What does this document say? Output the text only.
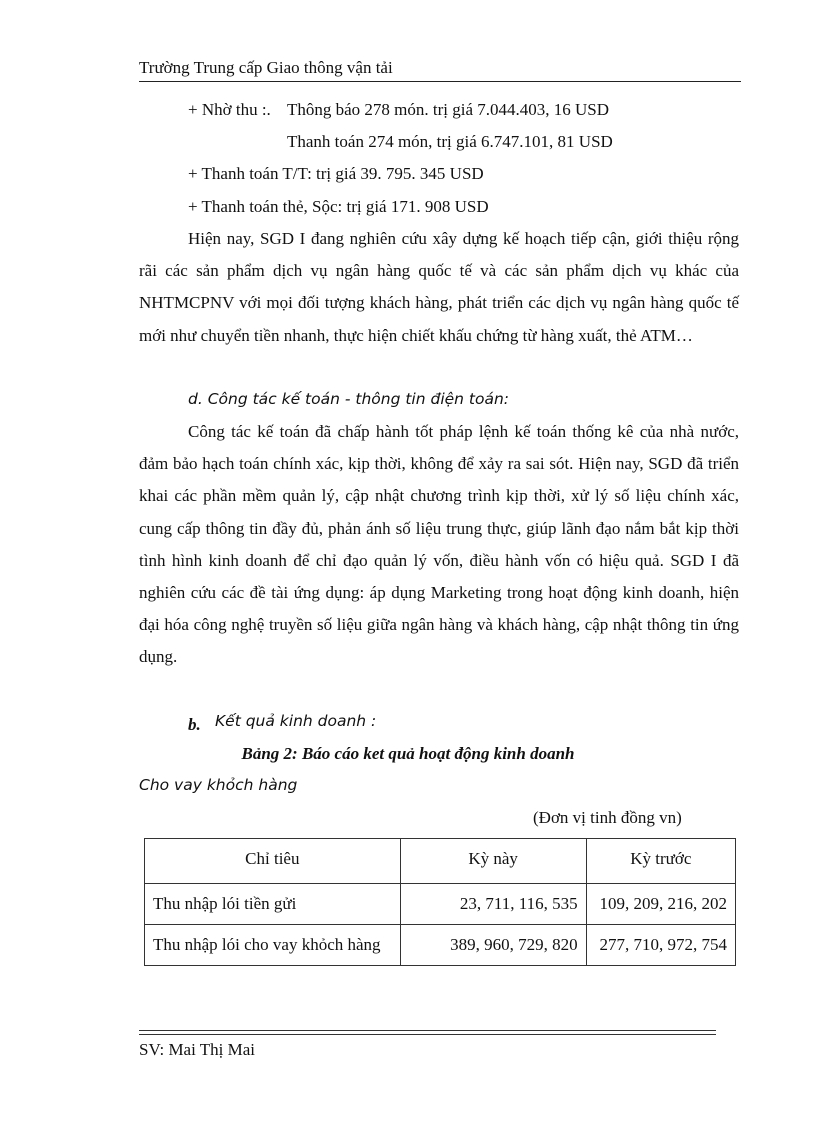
Trường Trung cấp Giao thông vận tải
+ Nhờ thu :. Thông báo 278 món. trị giá 7.044.403, 16 USD
Thanh toán 274 món, trị giá 6.747.101, 81 USD
+ Thanh toán T/T: trị giá 39. 795. 345 USD
+ Thanh toán thẻ, Sộc: trị giá 171. 908 USD
Hiện nay, SGD I đang nghiên cứu xây dựng kế hoạch tiếp cận, giới thiệu rộng rãi các sản phẩm dịch vụ ngân hàng quốc tế và các sản phẩm dịch vụ khác của NHTMCPNV với mọi đối tượng khách hàng, phát triển các dịch vụ ngân hàng quốc tế mới như chuyển tiền nhanh, thực hiện chiết khấu chứng từ hàng xuất, thẻ ATM…
d. Công tác kế toán - thông tin điện toán:
Công tác kế toán đã chấp hành tốt pháp lệnh kế toán thống kê của nhà nước, đảm bảo hạch toán chính xác, kịp thời, không để xảy ra sai sót. Hiện nay, SGD đã triển khai các phần mềm quản lý, cập nhật chương trình kịp thời, xử lý số liệu chính xác, cung cấp thông tin đầy đủ, phản ánh số liệu trung thực, giúp lãnh đạo nắm bắt kịp thời tình hình kinh doanh để chỉ đạo quản lý vốn, điều hành vốn có hiệu quả. SGD I đã nghiên cứu các đề tài ứng dụng: áp dụng Marketing trong hoạt động kinh doanh, hiện đại hóa công nghệ truyền số liệu giữa ngân hàng và khách hàng, cập nhật thông tin ứng dụng.
b. Kết quả kinh doanh :
Bảng 2: Báo cáo ket quả hoạt động kinh doanh
Cho vay khỏch hàng
(Đơn vị tinh đồng vn)
Chỉ tiêu	Kỳ này	Kỳ trước
Thu nhập lói tiền gửi	23, 711, 116, 535	109, 209, 216, 202
Thu nhập lói cho vay khỏch hàng	389, 960, 729, 820	277, 710, 972, 754
SV: Mai Thị Mai
